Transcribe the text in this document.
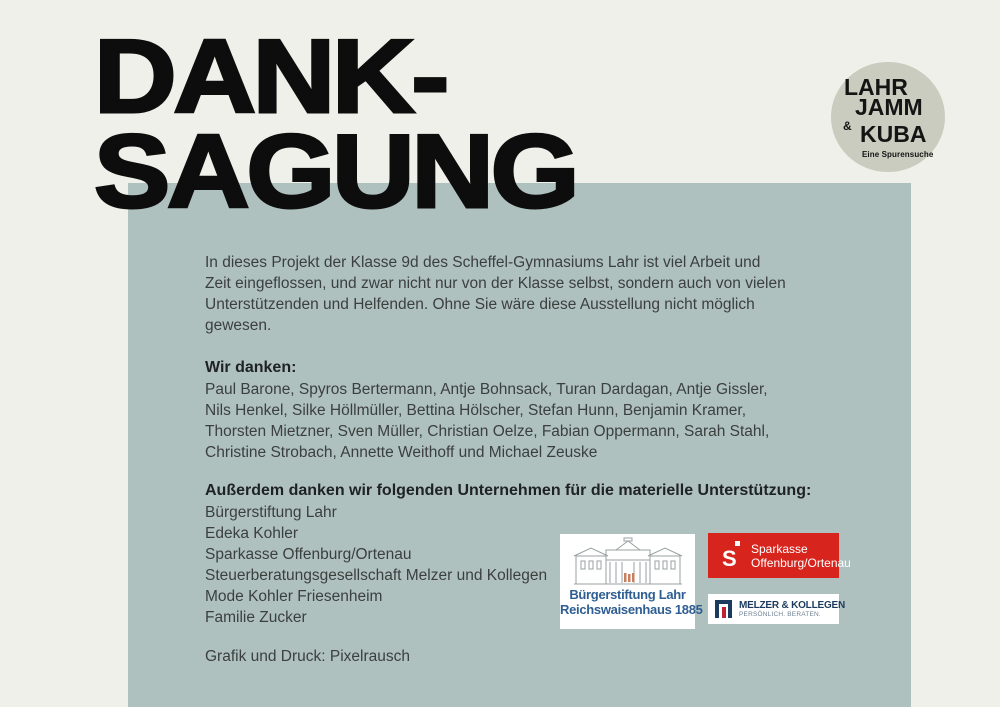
DANK-
SAGUNG
LAHR
JAMM
& KUBA
Eine Spurensuche
In dieses Projekt der Klasse 9d des Scheffel-Gymnasiums Lahr ist viel Arbeit und
Zeit eingeflossen, und zwar nicht nur von der Klasse selbst, sondern auch von vielen
Unterstützenden und Helfenden. Ohne Sie wäre diese Ausstellung nicht möglich
gewesen.
Wir danken:
Paul Barone, Spyros Bertermann, Antje Bohnsack, Turan Dardagan, Antje Gissler,
Nils Henkel, Silke Höllmüller, Bettina Hölscher, Stefan Hunn, Benjamin Kramer,
Thorsten Mietzner, Sven Müller, Christian Oelze, Fabian Oppermann, Sarah Stahl,
Christine Strobach, Annette Weithoff und Michael Zeuske
Außerdem danken wir folgenden Unternehmen für die materielle Unterstützung:
Bürgerstiftung Lahr
Edeka Kohler
Sparkasse Offenburg/Ortenau
Steuerberatungsgesellschaft Melzer und Kollegen
Mode Kohler Friesenheim
Familie Zucker
Grafik und Druck: Pixelrausch
Bürgerstiftung Lahr
Reichswaisenhaus 1885
S Sparkasse
Offenburg/Ortenau
MELZER & KOLLEGEN
PERSÖNLICH. BERATEN.
